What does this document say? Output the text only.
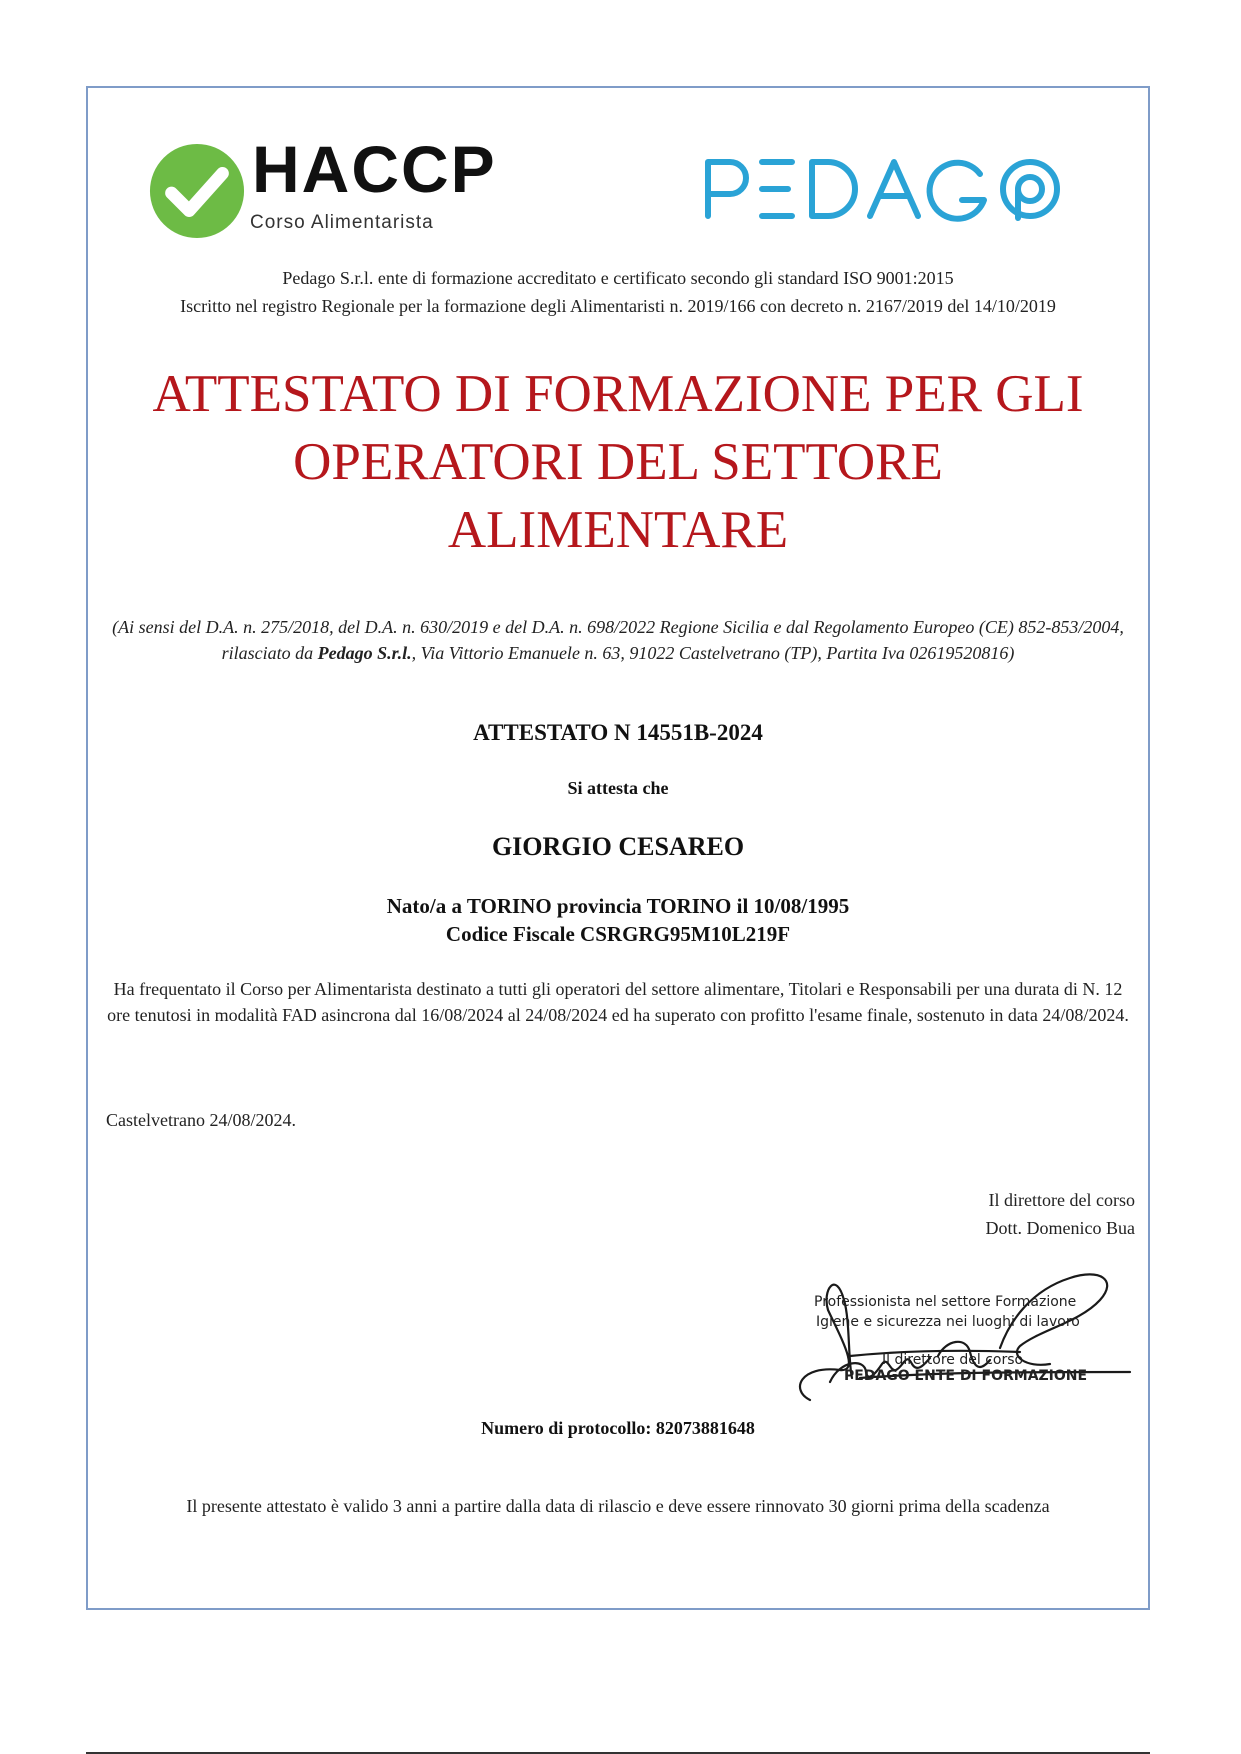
HACCP
Corso Alimentarista
Pedago S.r.l. ente di formazione accreditato e certificato secondo gli standard ISO 9001:2015
Iscritto nel registro Regionale per la formazione degli Alimentaristi n. 2019/166 con decreto n. 2167/2019 del 14/10/2019
ATTESTATO DI FORMAZIONE PER GLI
OPERATORI DEL SETTORE
ALIMENTARE
(Ai sensi del D.A. n. 275/2018, del D.A. n. 630/2019 e del D.A. n. 698/2022 Regione Sicilia e dal Regolamento Europeo (CE) 852-853/2004, rilasciato da Pedago S.r.l., Via Vittorio Emanuele n. 63, 91022 Castelvetrano (TP), Partita Iva 02619520816)
ATTESTATO N 14551B-2024
Si attesta che
GIORGIO CESAREO
Nato/a a TORINO provincia TORINO il 10/08/1995
Codice Fiscale CSRGRG95M10L219F
Ha frequentato il Corso per Alimentarista destinato a tutti gli operatori del settore alimentare, Titolari e Responsabili per una durata di N. 12 ore tenutosi in modalità FAD asincrona dal 16/08/2024 al 24/08/2024 ed ha superato con profitto l'esame finale, sostenuto in data 24/08/2024.
Castelvetrano 24/08/2024.
Il direttore del corso
Dott. Domenico Bua
Professionista nel settore Formazione
Igiene e sicurezza nei luoghi di lavoro
Il direttore del corso
PEDAGO ENTE DI FORMAZIONE
Numero di protocollo: 82073881648
Il presente attestato è valido 3 anni a partire dalla data di rilascio e deve essere rinnovato 30 giorni prima della scadenza
